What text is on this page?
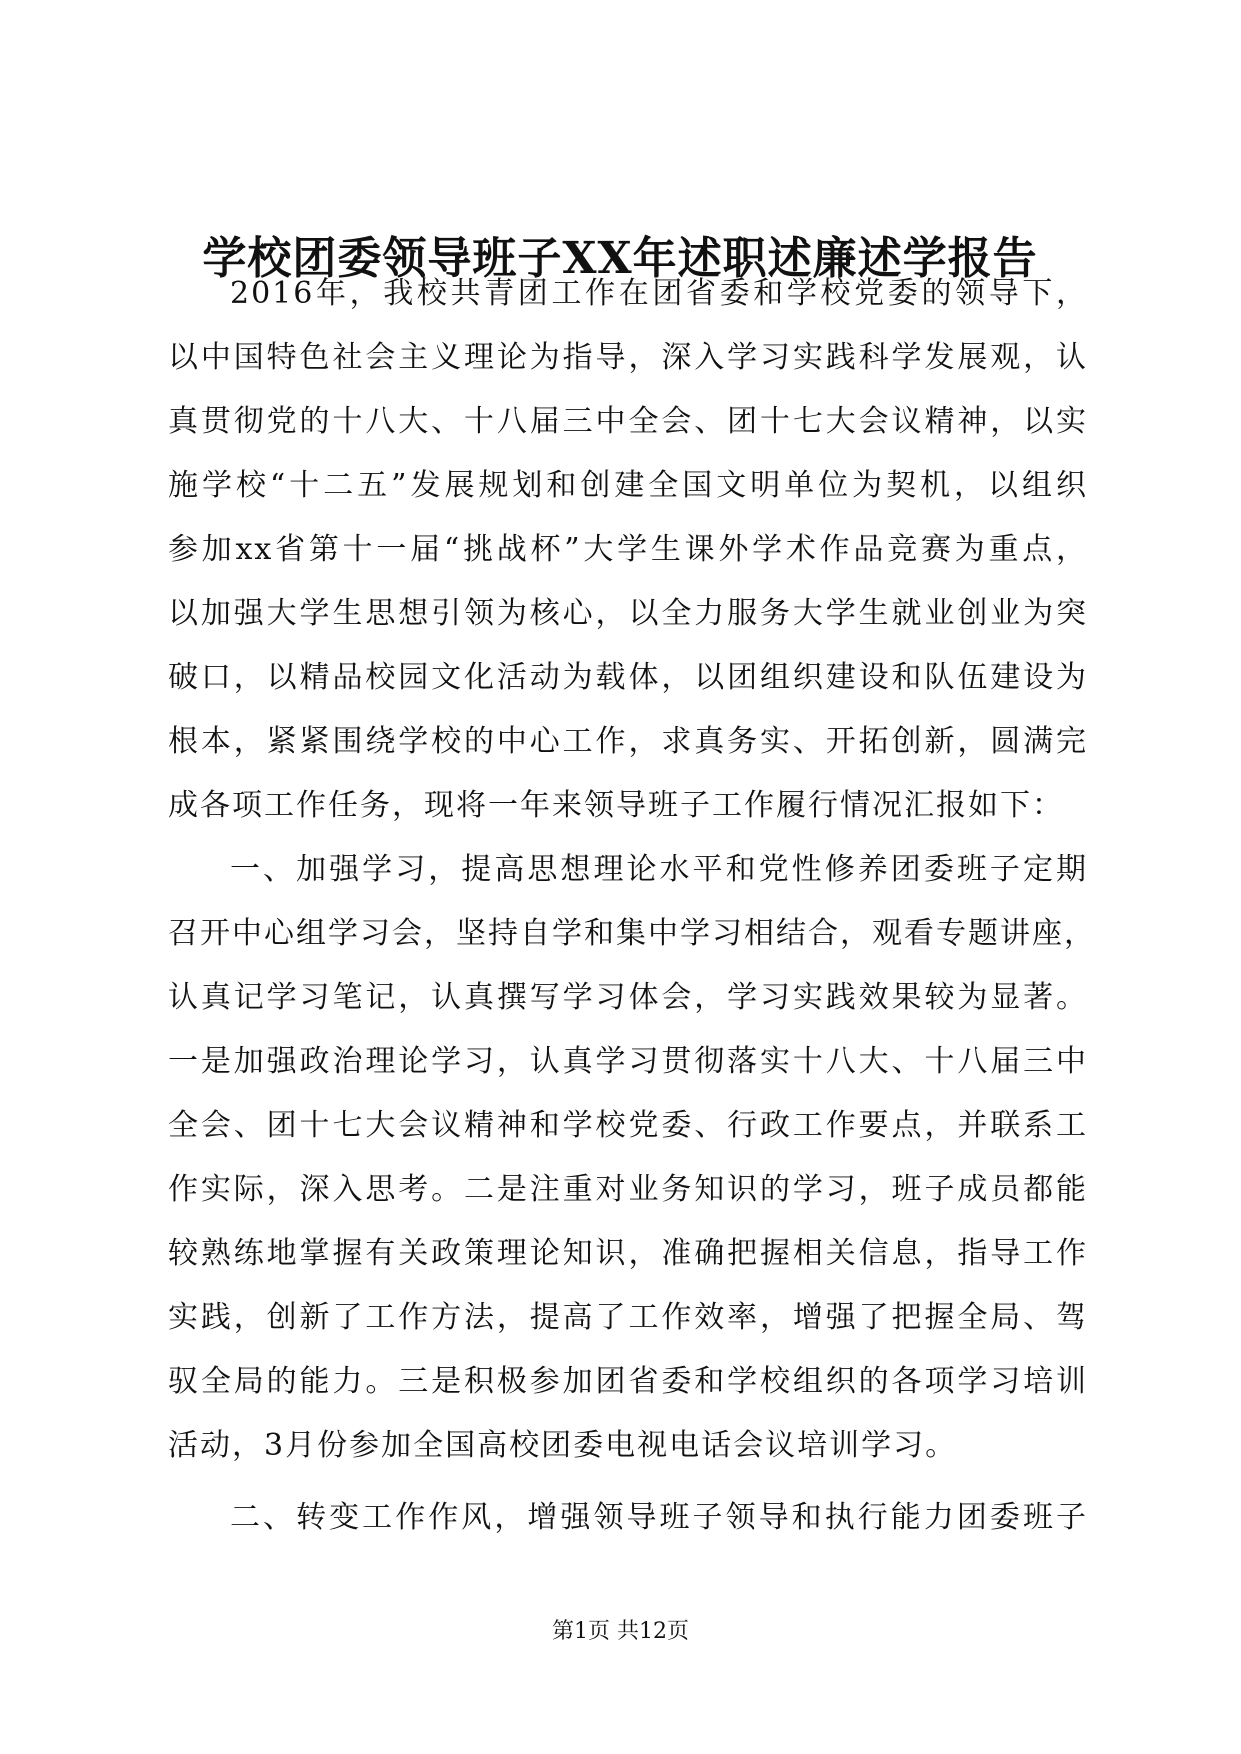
学校团委领导班子XX年述职述廉述学报告
2016年，我校共青团工作在团省委和学校党委的领导下，
以中国特色社会主义理论为指导，深入学习实践科学发展观，认
真贯彻党的十八大、十八届三中全会、团十七大会议精神，以实
施学校“十二五”发展规划和创建全国文明单位为契机，以组织
参加xx省第十一届“挑战杯”大学生课外学术作品竞赛为重点，
以加强大学生思想引领为核心，以全力服务大学生就业创业为突
破口，以精品校园文化活动为载体，以团组织建设和队伍建设为
根本，紧紧围绕学校的中心工作，求真务实、开拓创新，圆满完
成各项工作任务，现将一年来领导班子工作履行情况汇报如下：
一、加强学习，提高思想理论水平和党性修养团委班子定期
召开中心组学习会，坚持自学和集中学习相结合，观看专题讲座，
认真记学习笔记，认真撰写学习体会，学习实践效果较为显著。
一是加强政治理论学习，认真学习贯彻落实十八大、十八届三中
全会、团十七大会议精神和学校党委、行政工作要点，并联系工
作实际，深入思考。二是注重对业务知识的学习，班子成员都能
较熟练地掌握有关政策理论知识，准确把握相关信息，指导工作
实践，创新了工作方法，提高了工作效率，增强了把握全局、驾
驭全局的能力。三是积极参加团省委和学校组织的各项学习培训
活动，3月份参加全国高校团委电视电话会议培训学习。
二、转变工作作风，增强领导班子领导和执行能力团委班子
第1页 共12页
